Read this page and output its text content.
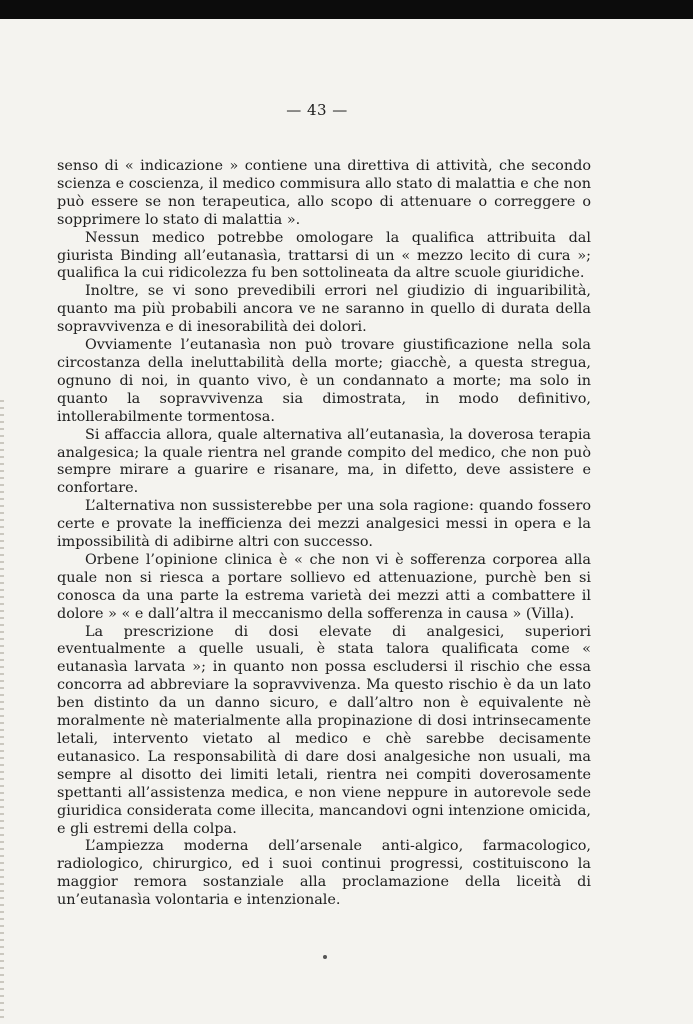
— 43 —

senso di « indicazione » contiene una direttiva di attività, che secondo scienza e coscienza, il medico commisura allo stato di malattia e che non può essere se non terapeutica, allo scopo di attenuare o correggere o sopprimere lo stato di malattia ».

Nessun medico potrebbe omologare la qualifica attribuita dal giurista Binding all’eutanasìa, trattarsi di un « mezzo lecito di cura »; qualifica la cui ridicolezza fu ben sottolineata da altre scuole giuridiche.

Inoltre, se vi sono prevedibili errori nel giudizio di inguaribilità, quanto ma più probabili ancora ve ne saranno in quello di durata della sopravvivenza e di inesorabilità dei dolori.

Ovviamente l’eutanasìa non può trovare giustificazione nella sola circostanza della ineluttabilità della morte; giacchè, a questa stregua, ognuno di noi, in quanto vivo, è un condannato a morte; ma solo in quanto la sopravvivenza sia dimostrata, in modo definitivo, intollerabilmente tormentosa.

Si affaccia allora, quale alternativa all’eutanasìa, la doverosa terapia analgesica; la quale rientra nel grande compito del medico, che non può sempre mirare a guarire e risanare, ma, in difetto, deve assistere e confortare.

L’alternativa non sussisterebbe per una sola ragione: quando fossero certe e provate la inefficienza dei mezzi analgesici messi in opera e la impossibilità di adibirne altri con successo.

Orbene l’opinione clinica è « che non vi è sofferenza corporea alla quale non si riesca a portare sollievo ed attenuazione, purchè ben si conosca da una parte la estrema varietà dei mezzi atti a combattere il dolore » « e dall’altra il meccanismo della sofferenza in causa » (Villa).

La prescrizione di dosi elevate di analgesici, superiori eventualmente a quelle usuali, è stata talora qualificata come « eutanasìa larvata »; in quanto non possa escludersi il rischio che essa concorra ad abbreviare la sopravvivenza. Ma questo rischio è da un lato ben distinto da un danno sicuro, e dall’altro non è equivalente nè moralmente nè materialmente alla propinazione di dosi intrinsecamente letali, intervento vietato al medico e chè sarebbe decisamente eutanasico. La responsabilità di dare dosi analgesiche non usuali, ma sempre al disotto dei limiti letali, rientra nei compiti doverosamente spettanti all’assistenza medica, e non viene neppure in autorevole sede giuridica considerata come illecita, mancandovi ogni intenzione omicida, e gli estremi della colpa.

L’ampiezza moderna dell’arsenale anti-algico, farmacologico, radiologico, chirurgico, ed i suoi continui progressi, costituiscono la maggior remora sostanziale alla proclamazione della liceità di un’eutanasìa volontaria e intenzionale.
